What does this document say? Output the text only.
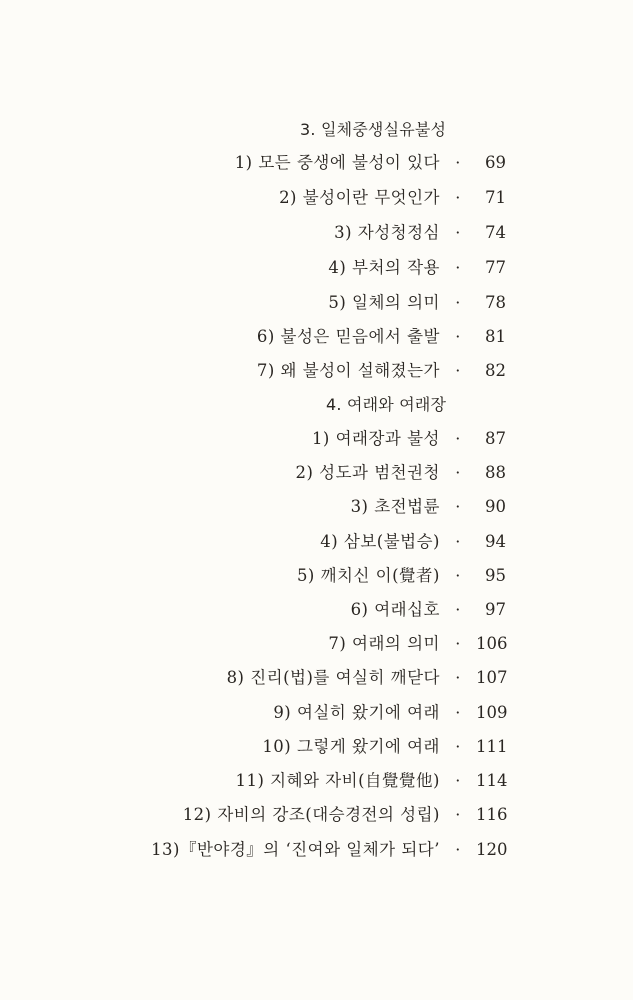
3. 일체중생실유불성
1) 모든 중생에 불성이 있다 ·	69
2) 불성이란 무엇인가 ·	71
3) 자성청정심 ·	74
4) 부처의 작용 ·	77
5) 일체의 의미 ·	78
6) 불성은 믿음에서 출발 ·	81
7) 왜 불성이 설해졌는가 ·	82
4. 여래와 여래장
1) 여래장과 불성 ·	87
2) 성도과 범천권청 ·	88
3) 초전법륜 ·	90
4) 삼보(불법승) ·	94
5) 깨치신 이(覺者) ·	95
6) 여래십호 ·	97
7) 여래의 의미 · 106
8) 진리(법)를 여실히 깨닫다 · 107
9) 여실히 왔기에 여래 · 109
10) 그렇게 왔기에 여래 · 111
11) 지혜와 자비(自覺覺他) · 114
12) 자비의 강조(대승경전의 성립) · 116
13)『반야경』의 ‘진여와 일체가 되다’ · 120
